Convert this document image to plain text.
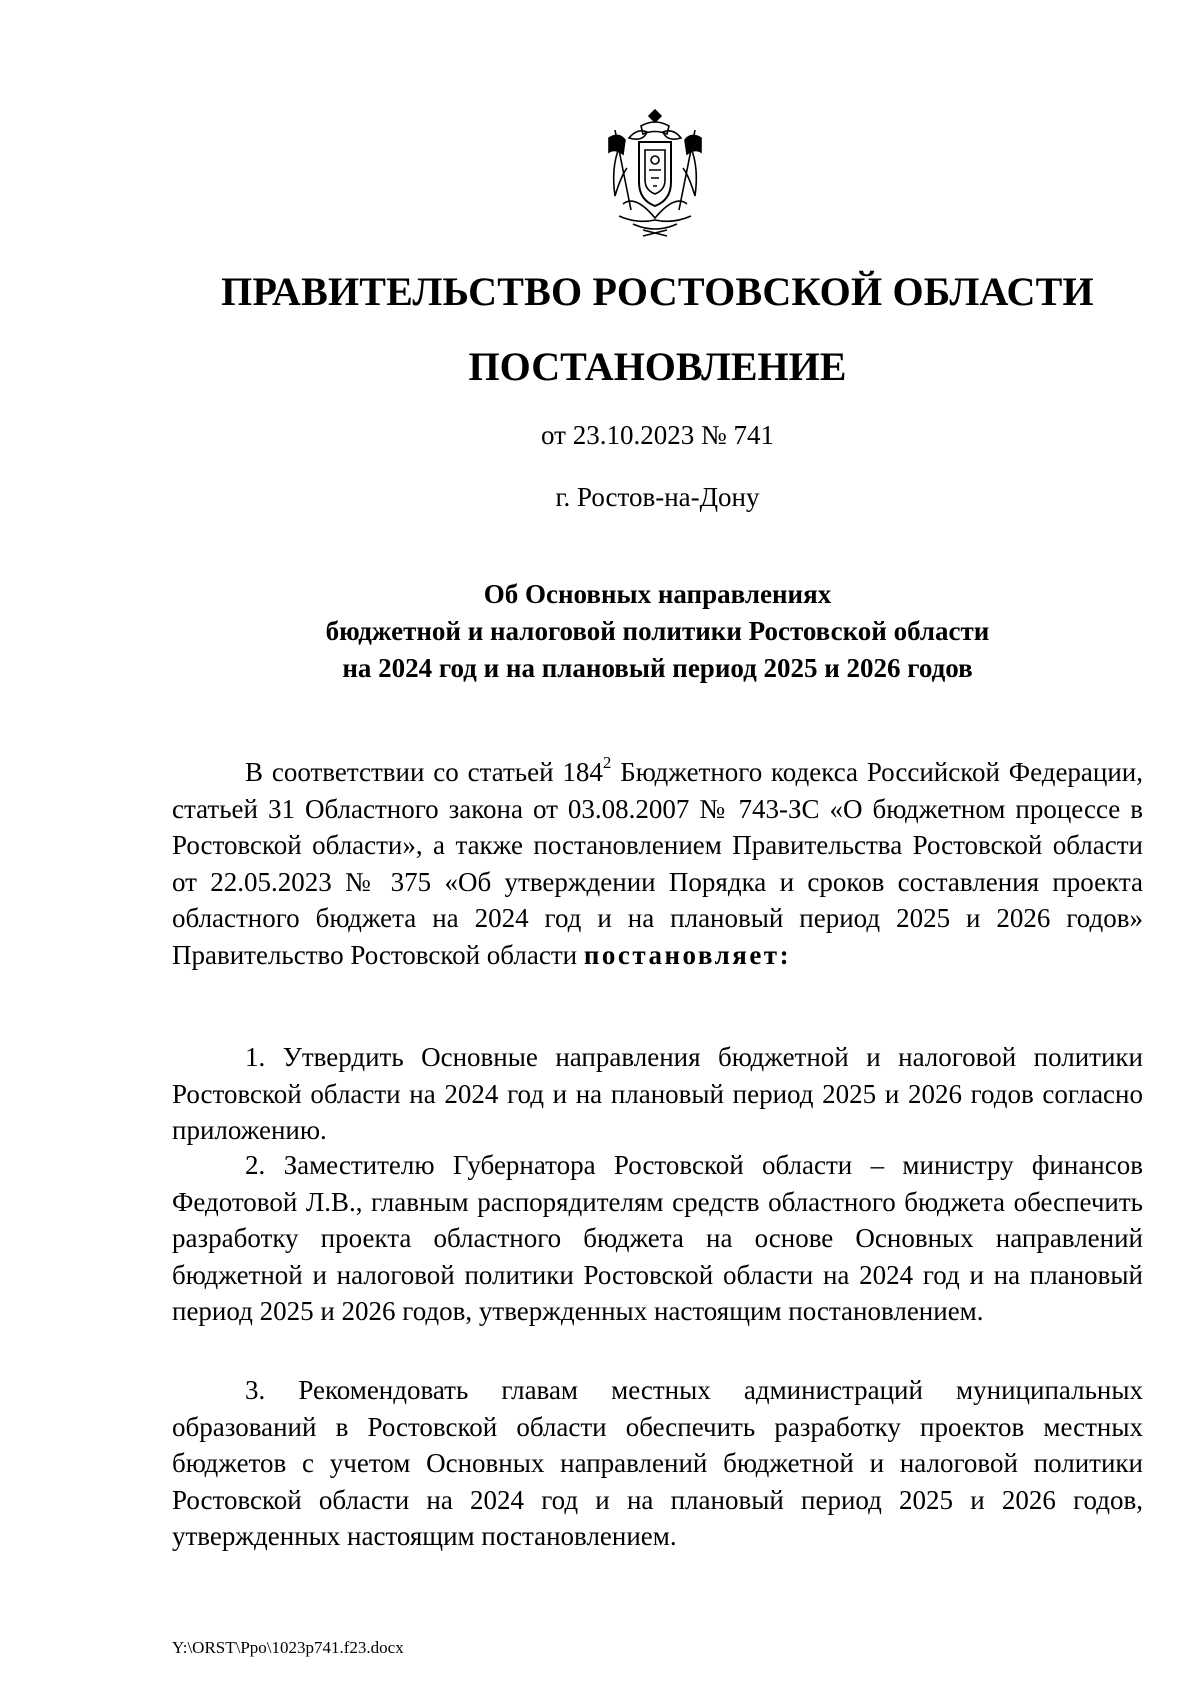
ПРАВИТЕЛЬСТВО РОСТОВСКОЙ ОБЛАСТИ
ПОСТАНОВЛЕНИЕ
от 23.10.2023 № 741
г. Ростов-на-Дону
Об Основных направлениях
бюджетной и налоговой политики Ростовской области
на 2024 год и на плановый период 2025 и 2026 годов

В соответствии со статьей $184^2$ Бюджетного кодекса Российской Федерации, статьей 31 Областного закона от 03.08.2007 № 743-ЗС «О бюджетном процессе в Ростовской области», а также постановлением Правительства Ростовской области от 22.05.2023 № 375 «Об утверждении Порядка и сроков составления проекта областного бюджета на 2024 год и на плановый период 2025 и 2026 годов» Правительство Ростовской области постановляет:

1. Утвердить Основные направления бюджетной и налоговой политики Ростовской области на 2024 год и на плановый период 2025 и 2026 годов согласно приложению.

2. Заместителю Губернатора Ростовской области – министру финансов Федотовой Л.В., главным распорядителям средств областного бюджета обеспечить разработку проекта областного бюджета на основе Основных направлений бюджетной и налоговой политики Ростовской области на 2024 год и на плановый период 2025 и 2026 годов, утвержденных настоящим постановлением.

3. Рекомендовать главам местных администраций муниципальных образований в Ростовской области обеспечить разработку проектов местных бюджетов с учетом Основных направлений бюджетной и налоговой политики Ростовской области на 2024 год и на плановый период 2025 и 2026 годов, утвержденных настоящим постановлением.

Y:\ORST\Ppo\1023p741.f23.docx
